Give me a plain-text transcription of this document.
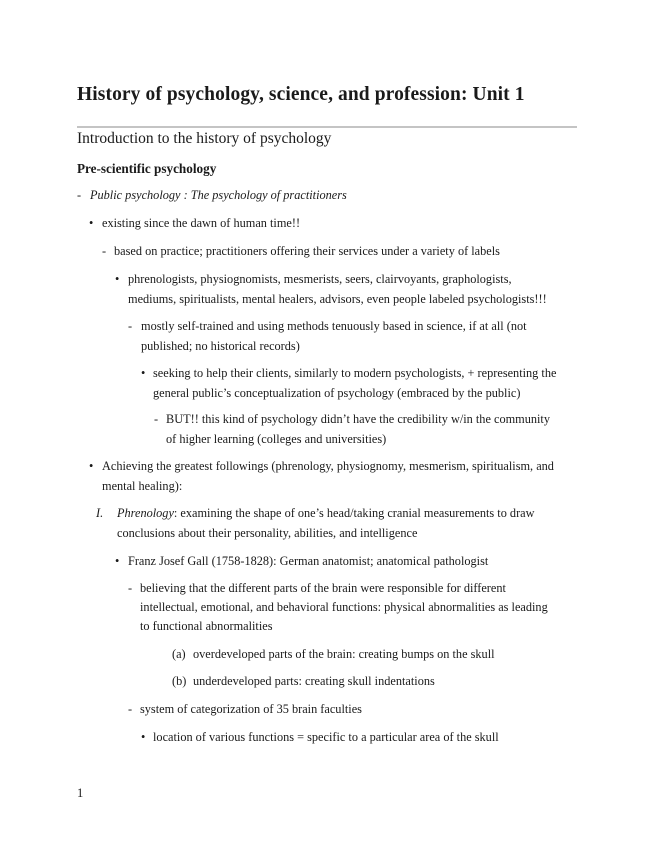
History of psychology, science, and profession: Unit 1
Introduction to the history of psychology
Pre-scientific psychology
- Public psychology : The psychology of practitioners
• existing since the dawn of human time!!
- based on practice; practitioners offering their services under a variety of labels
• phrenologists, physiognomists, mesmerists, seers, clairvoyants, graphologists,
mediums, spiritualists, mental healers, advisors, even people labeled psychologists!!!
- mostly self-trained and using methods tenuously based in science, if at all (not
published; no historical records)
• seeking to help their clients, similarly to modern psychologists, + representing the
general public’s conceptualization of psychology (embraced by the public)
- BUT!! this kind of psychology didn’t have the credibility w/in the community
of higher learning (colleges and universities)
• Achieving the greatest followings (phrenology, physiognomy, mesmerism, spiritualism, and
mental healing):
I. Phrenology: examining the shape of one’s head/taking cranial measurements to draw
conclusions about their personality, abilities, and intelligence
• Franz Josef Gall (1758-1828): German anatomist; anatomical pathologist
- believing that the different parts of the brain were responsible for different
intellectual, emotional, and behavioral functions: physical abnormalities as leading
to functional abnormalities
(a) overdeveloped parts of the brain: creating bumps on the skull
(b) underdeveloped parts: creating skull indentations
- system of categorization of 35 brain faculties
• location of various functions = specific to a particular area of the skull
1
